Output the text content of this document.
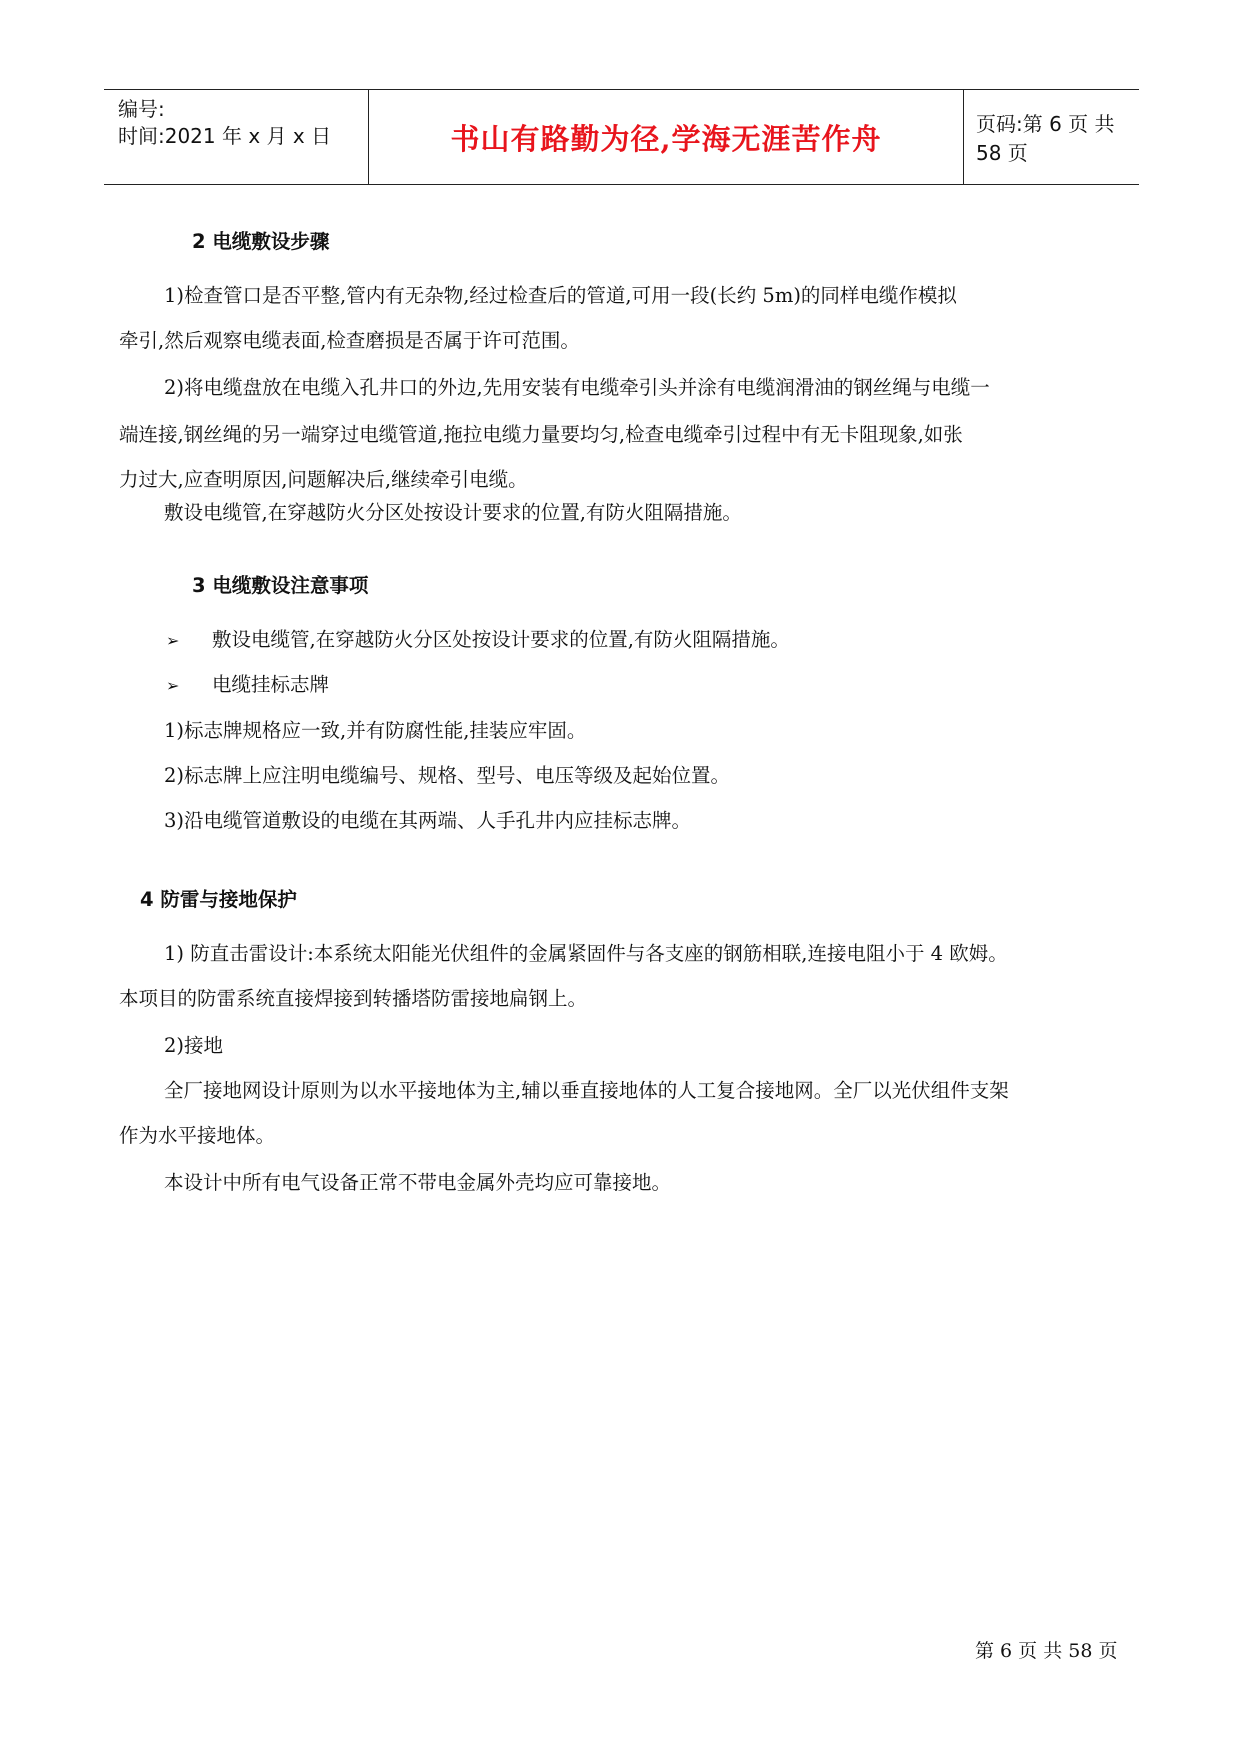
编号:
时间:2021 年 x 月 x 日	书山有路勤为径,学海无涯苦作舟	页码:第 6 页 共 58 页
2 电缆敷设步骤
1)检查管口是否平整,管内有无杂物,经过检查后的管道,可用一段(长约 5m)的同样电缆作模拟
牵引,然后观察电缆表面,检查磨损是否属于许可范围。
2)将电缆盘放在电缆入孔井口的外边,先用安装有电缆牵引头并涂有电缆润滑油的钢丝绳与电缆一
端连接,钢丝绳的另一端穿过电缆管道,拖拉电缆力量要均匀,检查电缆牵引过程中有无卡阻现象,如张
力过大,应查明原因,问题解决后,继续牵引电缆。
敷设电缆管,在穿越防火分区处按设计要求的位置,有防火阻隔措施。
3 电缆敷设注意事项
➢ 敷设电缆管,在穿越防火分区处按设计要求的位置,有防火阻隔措施。
➢ 电缆挂标志牌
1)标志牌规格应一致,并有防腐性能,挂装应牢固。
2)标志牌上应注明电缆编号、规格、型号、电压等级及起始位置。
3)沿电缆管道敷设的电缆在其两端、人手孔井内应挂标志牌。
4 防雷与接地保护
1) 防直击雷设计:本系统太阳能光伏组件的金属紧固件与各支座的钢筋相联,连接电阻小于 4 欧姆。
本项目的防雷系统直接焊接到转播塔防雷接地扁钢上。
2)接地
全厂接地网设计原则为以水平接地体为主,辅以垂直接地体的人工复合接地网。全厂以光伏组件支架
作为水平接地体。
本设计中所有电气设备正常不带电金属外壳均应可靠接地。
第 6 页 共 58 页
